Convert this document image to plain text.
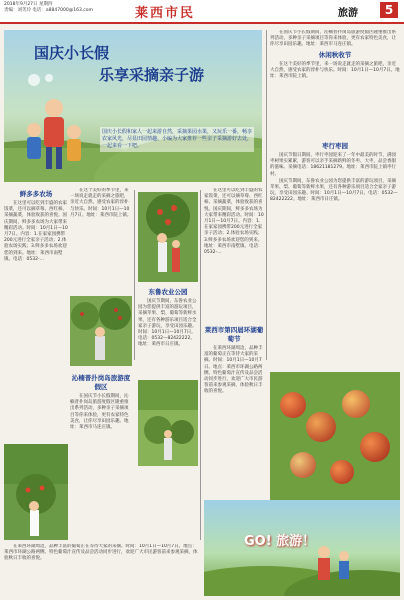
2018年9月27日 星期四
责编：刘芙玲 电话：a8847000@163.com	莱西市民	旅游	5
国庆小长假
乐享采摘亲子游
国庆小长假和家人一起来游自然，采摘果园水果，又玩乐一番，畅享农家风光，尽显田园情趣。小编为大家推荐一些亲子采摘游好去处，一起来看一下吧。
鲜多多农场

在这里可以吃到丰盛的农家饭菜，还可以摘草莓、西红柿、采摘蔬菜，体验收获的喜悦。国庆期间，鲜多多农场为大家带来精彩活动。时间：10月1日—10月7日。内容：1.在家家园携带200元进行全家亲子活动；2.体验农场实践；3.鲜多多农场欢迎您的到来。地址：莱西市南墅镇。电话：0532-…

在这个美好的季节里，来一场说走就走的采摘之旅吧，亲近大自然，感受农家的淳朴与快乐。时间：10月1日—10月7日。地址：莱西市院上镇。

东鲁农业公园

国庆节期间，东鲁农业公园为您提供丰富的游玩项目，采摘苹果、梨、葡萄等新鲜水果，还有各种游乐项目适合全家亲子游玩，享受田园乐趣。时间：10月1日—10月7日。电话：0532—82422222。地址：莱西市日庄镇。

在这里可以吃到丰盛的农家饭菜，还可以摘草莓、西红柿、采摘蔬菜，体验收获的喜悦。国庆期间，鲜多多农场为大家带来精彩活动。时间：10月1日—10月7日。内容：1.在家家园携带200元进行全家亲子活动；2.体验农场实践；3.鲜多多农场欢迎您的到来。地址：莱西市南墅镇。电话：0532-…

莱西市第四届环湖葡萄节

在莱西环湖周边，品种丰富的葡萄正在等待大家的采摘。时间：10月1日—10月7日。地点：莱西市环湖公路两侧。特色葡萄汁宣传及品尝活动同步进行，欢迎广大市民游客前来参观采摘，体验秋日丰收的喜悦。

沁楠普扑岗岛旅游度假区

在国庆节小长假期间，沁楠普扑岗岛旅游度假区隆重推出系列活动，多种亲子采摘项目等你来体验，更有农家特色美食，让你尽享田园乐趣。地址：莱西市马连庄镇。

在国庆节小长假期间，沁楠普扑岗岛旅游度假区隆重推出系列活动，多种亲子采摘项目等你来体验，更有农家特色美食，让你尽享田园乐趣。地址：莱西市马连庄镇。

休闲秋收节

在这个美好的季节里，来一场说走就走的采摘之旅吧，亲近大自然，感受农家的淳朴与快乐。时间：10月1日—10月7日。地址：莱西市院上镇。

枣行枣园

国庆节假日期间，枣行枣园迎来了一年中最美的时节，满园枣树果实累累，游客可以亲手采摘新鲜的冬枣、大枣，品尝香甜的滋味。采摘电话：18621181279。地址：莱西市院上镇枣行村。

国庆节期间，东鲁农业公园为您提供丰富的游玩项目，采摘苹果、梨、葡萄等新鲜水果，还有各种游乐项目适合全家亲子游玩，享受田园乐趣。时间：10月1日—10月7日。电话：0532—82422222。地址：莱西市日庄镇。

GO! 旅游！

在莱西环湖周边，品种丰富的葡萄正在等待大家的采摘。时间：10月1日—10月7日。地点：莱西市环湖公路两侧。特色葡萄汁宣传及品尝活动同步进行，欢迎广大市民游客前来参观采摘，体验秋日丰收的喜悦。
